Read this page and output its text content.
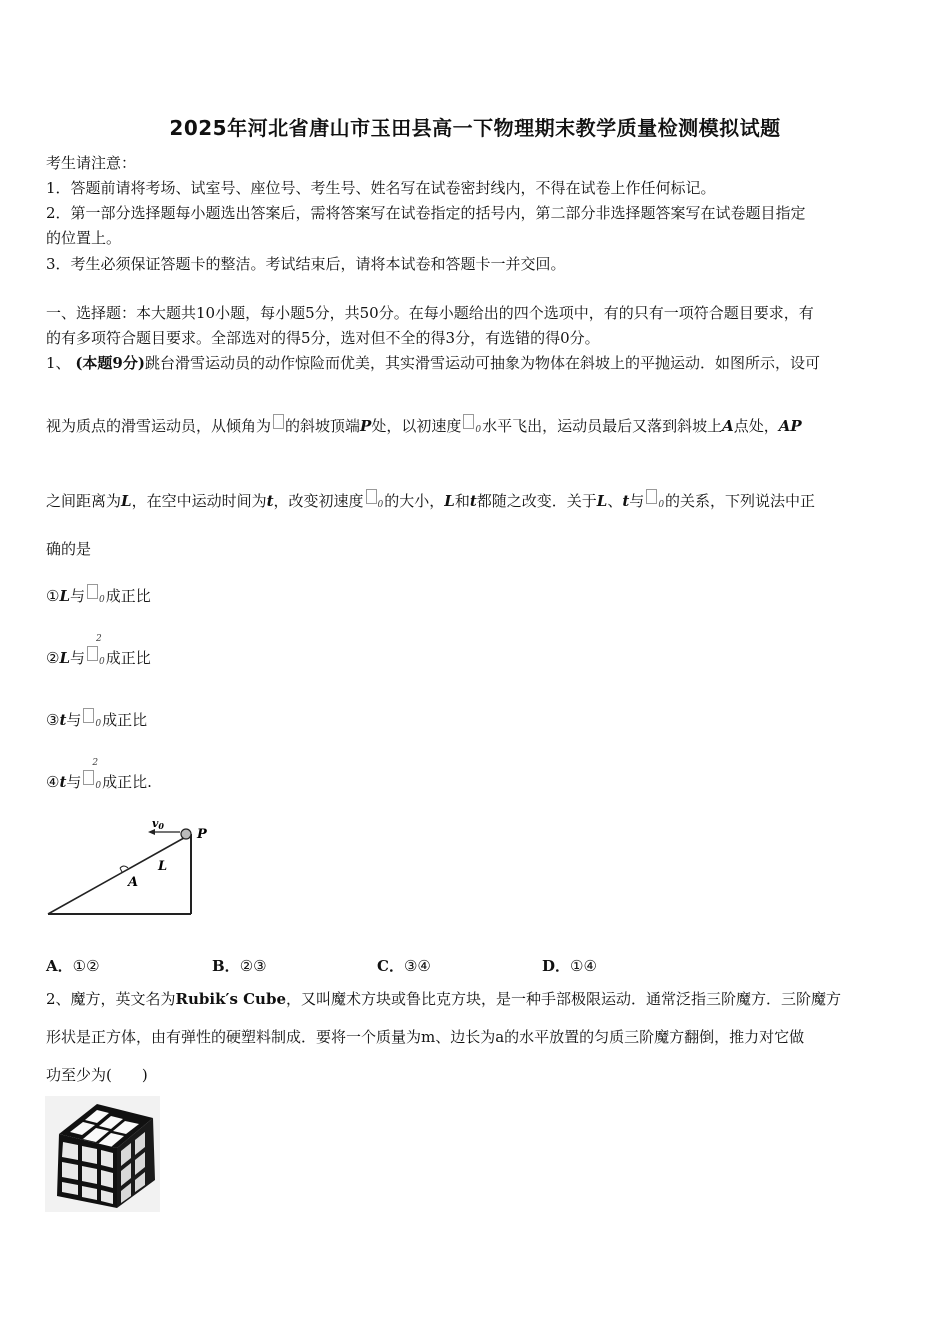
2025年河北省唐山市玉田县高一下物理期末教学质量检测模拟试题
考生请注意：
1．答题前请将考场、试室号、座位号、考生号、姓名写在试卷密封线内，不得在试卷上作任何标记。
2．第一部分选择题每小题选出答案后，需将答案写在试卷指定的括号内，第二部分非选择题答案写在试卷题目指定
的位置上。
3．考生必须保证答题卡的整洁。考试结束后，请将本试卷和答题卡一并交回。
一、选择题：本大题共10小题，每小题5分，共50分。在每小题给出的四个选项中，有的只有一项符合题目要求，有
的有多项符合题目要求。全部选对的得5分，选对但不全的得3分，有选错的得0分。
1、 (本题9分)跳台滑雪运动员的动作惊险而优美，其实滑雪运动可抽象为物体在斜坡上的平抛运动．如图所示，设可
视为质点的滑雪运动员，从倾角为 的斜坡顶端P处，以初速度 0水平飞出，运动员最后又落到斜坡上A点处，AP
之间距离为L，在空中运动时间为t，改变初速度 0的大小，L和t都随之改变．关于L、t与 0的关系，下列说法中正
确的是
①L与 0成正比
②L与
2
0成正比
③t与 0成正比
④t与
2
0成正比.
v0
P
L
A
A．①②	B．②③	C．③④	D．①④
2、魔方，英文名为Rubik′s Cube，又叫魔术方块或鲁比克方块，是一种手部极限运动．通常泛指三阶魔方．三阶魔方
形状是正方体，由有弹性的硬塑料制成．要将一个质量为m、边长为a的水平放置的匀质三阶魔方翻倒，推力对它做
功至少为(　　)
